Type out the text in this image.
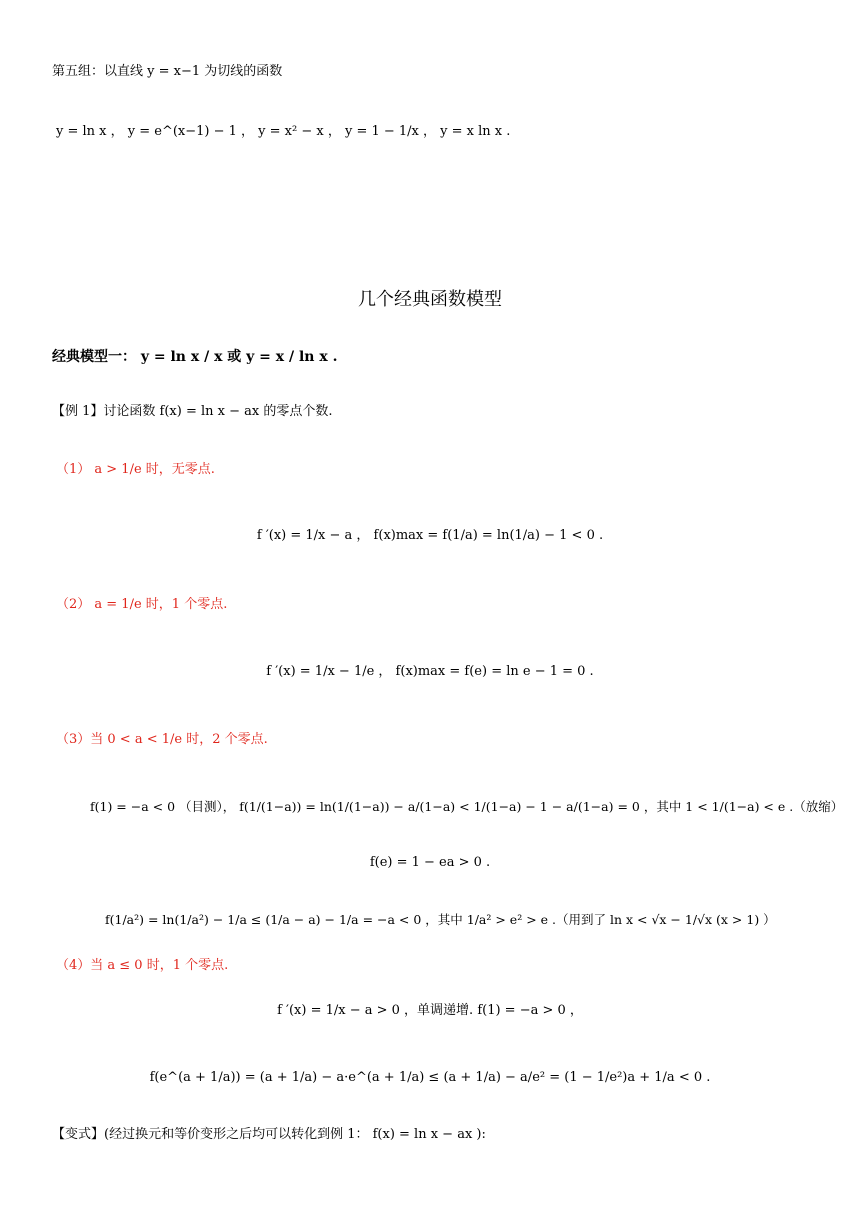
第五组：以直线 y = x−1 为切线的函数
y = ln x ， y = e^(x−1) − 1 ， y = x² − x ， y = 1 − 1/x ， y = x ln x .
几个经典函数模型
经典模型一： y = ln x / x 或 y = x / ln x .
【例 1】讨论函数 f(x) = ln x − ax 的零点个数.
（1） a > 1/e 时，无零点.
f ′(x) = 1/x − a ， f(x)max = f(1/a) = ln(1/a) − 1 < 0 .
（2） a = 1/e 时，1 个零点.
f ′(x) = 1/x − 1/e ， f(x)max = f(e) = ln e − 1 = 0 .
（3）当 0 < a < 1/e 时，2 个零点.
f(1) = −a < 0 （目测）， f(1/(1−a)) = ln(1/(1−a)) − a/(1−a) < 1/(1−a) − 1 − a/(1−a) = 0 ，其中 1 < 1/(1−a) < e .（放缩）
f(e) = 1 − ea > 0 .
f(1/a²) = ln(1/a²) − 1/a ≤ (1/a − a) − 1/a = −a < 0 ，其中 1/a² > e² > e .（用到了 ln x < √x − 1/√x (x > 1) ）
（4）当 a ≤ 0 时，1 个零点.
f ′(x) = 1/x − a > 0 ，单调递增. f(1) = −a > 0 ，
f(e^(a + 1/a)) = (a + 1/a) − a·e^(a + 1/a) ≤ (a + 1/a) − a/e² = (1 − 1/e²)a + 1/a < 0 .
【变式】(经过换元和等价变形之后均可以转化到例 1： f(x) = ln x − ax ):
